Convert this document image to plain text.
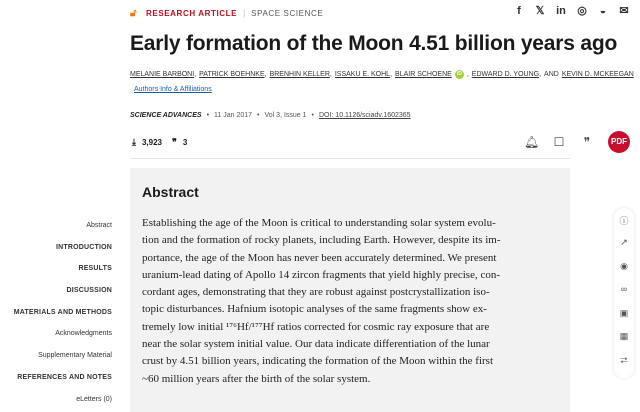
🔓︎	RESEARCH ARTICLE | SPACE SCIENCE	f	𝕏 in ◎ ◒ ✉
Early formation of the Moon 4.51 billion years ago
MELANIE BARBONI , PATRICK BOEHNKE , BRENHIN KELLER , ISSAKU E. KOHL , BLAIR SCHOENE	iD , EDWARD D. YOUNG , AND KEVIN D. MCKEEGAN
Authors Info & Affiliations
SCIENCE ADVANCES • 11 Jan 2017 • Vol 3, Issue 1 • DOI: 10.1126/sciadv.1602365
⤓ 3,923 ❞ 3	🔔︎ ☐	❞	PDF
Abstract
INTRODUCTION
RESULTS
DISCUSSION
MATERIALS AND METHODS
Acknowledgments
Supplementary Material
REFERENCES AND NOTES
eLetters (0)
Abstract

Establishing the age of the Moon is critical to understanding solar system evolu-
tion and the formation of rocky planets, including Earth. However, despite its im-
portance, the age of the Moon has never been accurately determined. We present
uranium-lead dating of Apollo 14 zircon fragments that yield highly precise, con-
cordant ages, demonstrating that they are robust against postcrystallization iso-
topic disturbances. Hafnium isotopic analyses of the same fragments show ex-
tremely low initial ¹⁷⁶Hf/¹⁷⁷Hf ratios corrected for cosmic ray exposure that are
near the solar system initial value. Our data indicate differentiation of the lunar
crust by 4.51 billion years, indicating the formation of the Moon within the first
~60 million years after the birth of the solar system.

ⓘ
↗
◉
∞
▣
▦
⮂
